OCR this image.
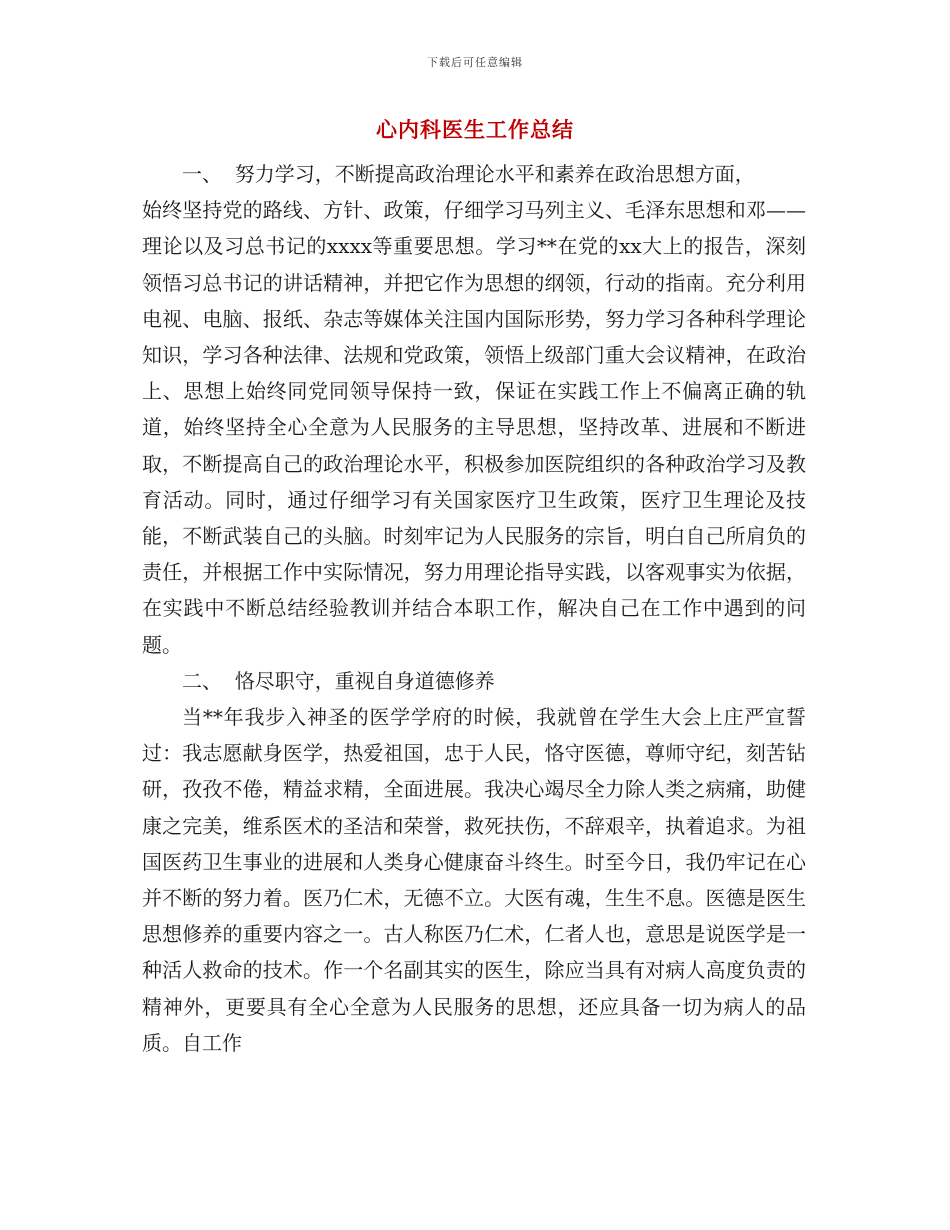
下载后可任意编辑
心内科医生工作总结

一、  努力学习，不断提高政治理论水平和素养在政治思想方面，

始终坚持党的路线、方针、政策，仔细学习马列主义、毛泽东思想和邓——理论以及习总书记的xxxx等重要思想。学习**在党的xx大上的报告，深刻领悟习总书记的讲话精神，并把它作为思想的纲领，行动的指南。充分利用电视、电脑、报纸、杂志等媒体关注国内国际形势，努力学习各种科学理论知识，学习各种法律、法规和党政策，领悟上级部门重大会议精神，在政治上、思想上始终同党同领导保持一致，保证在实践工作上不偏离正确的轨道，始终坚持全心全意为人民服务的主导思想，坚持改革、进展和不断进取，不断提高自己的政治理论水平，积极参加医院组织的各种政治学习及教育活动。同时，通过仔细学习有关国家医疗卫生政策，医疗卫生理论及技能，不断武装自己的头脑。时刻牢记为人民服务的宗旨，明白自己所肩负的责任，并根据工作中实际情况，努力用理论指导实践，以客观事实为依据，在实践中不断总结经验教训并结合本职工作，解决自己在工作中遇到的问题。

二、  恪尽职守，重视自身道德修养

当**年我步入神圣的医学学府的时候，我就曾在学生大会上庄严宣誓过：我志愿献身医学，热爱祖国，忠于人民，恪守医德，尊师守纪，刻苦钻研，孜孜不倦，精益求精，全面进展。我决心竭尽全力除人类之病痛，助健康之完美，维系医术的圣洁和荣誉，救死扶伤，不辞艰辛，执着追求。为祖国医药卫生事业的进展和人类身心健康奋斗终生。时至今日，我仍牢记在心并不断的努力着。医乃仁术，无德不立。大医有魂，生生不息。医德是医生思想修养的重要内容之一。古人称医乃仁术，仁者人也，意思是说医学是一种活人救命的技术。作一个名副其实的医生，除应当具有对病人高度负责的精神外，更要具有全心全意为人民服务的思想，还应具备一切为病人的品质。自工作
